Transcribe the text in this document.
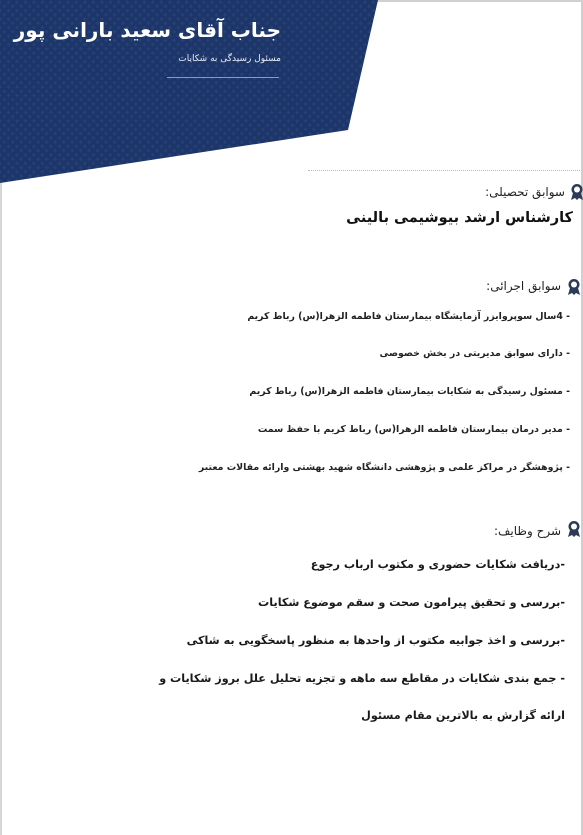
جناب آقای سعید بارانی پور
مسئول رسیدگی به شکایات
سوابق تحصیلی:
کارشناس ارشد بیوشیمی بالینی
سوابق اجرائی:
- 4سال سوپروایزر آزمایشگاه بیمارستان فاطمه الزهرا(س) رباط کریم
- دارای سوابق مدیریتی در بخش خصوصی
- مسئول رسیدگی به شکایات بیمارستان فاطمه الزهرا(س) رباط کریم
- مدیر درمان بیمارستان فاطمه الزهرا(س) رباط کریم با حفظ سمت
- پژوهشگر در مراکز علمی و پژوهشی دانشگاه شهید بهشتی وارائه مقالات معتبر
شرح وظایف:
-دریافت شکایات حضوری و مکتوب ارباب رجوع
-بررسی و تحقیق پیرامون صحت و سقم موضوع شکایات
-بررسی و اخذ جوابیه مکتوب از واحدها به منظور پاسخگویی به شاکی
- جمع بندی شکایات در مقاطع سه ماهه و تجزیه تحلیل علل بروز شکایات و
ارائه گزارش به بالاترین مقام مسئول
